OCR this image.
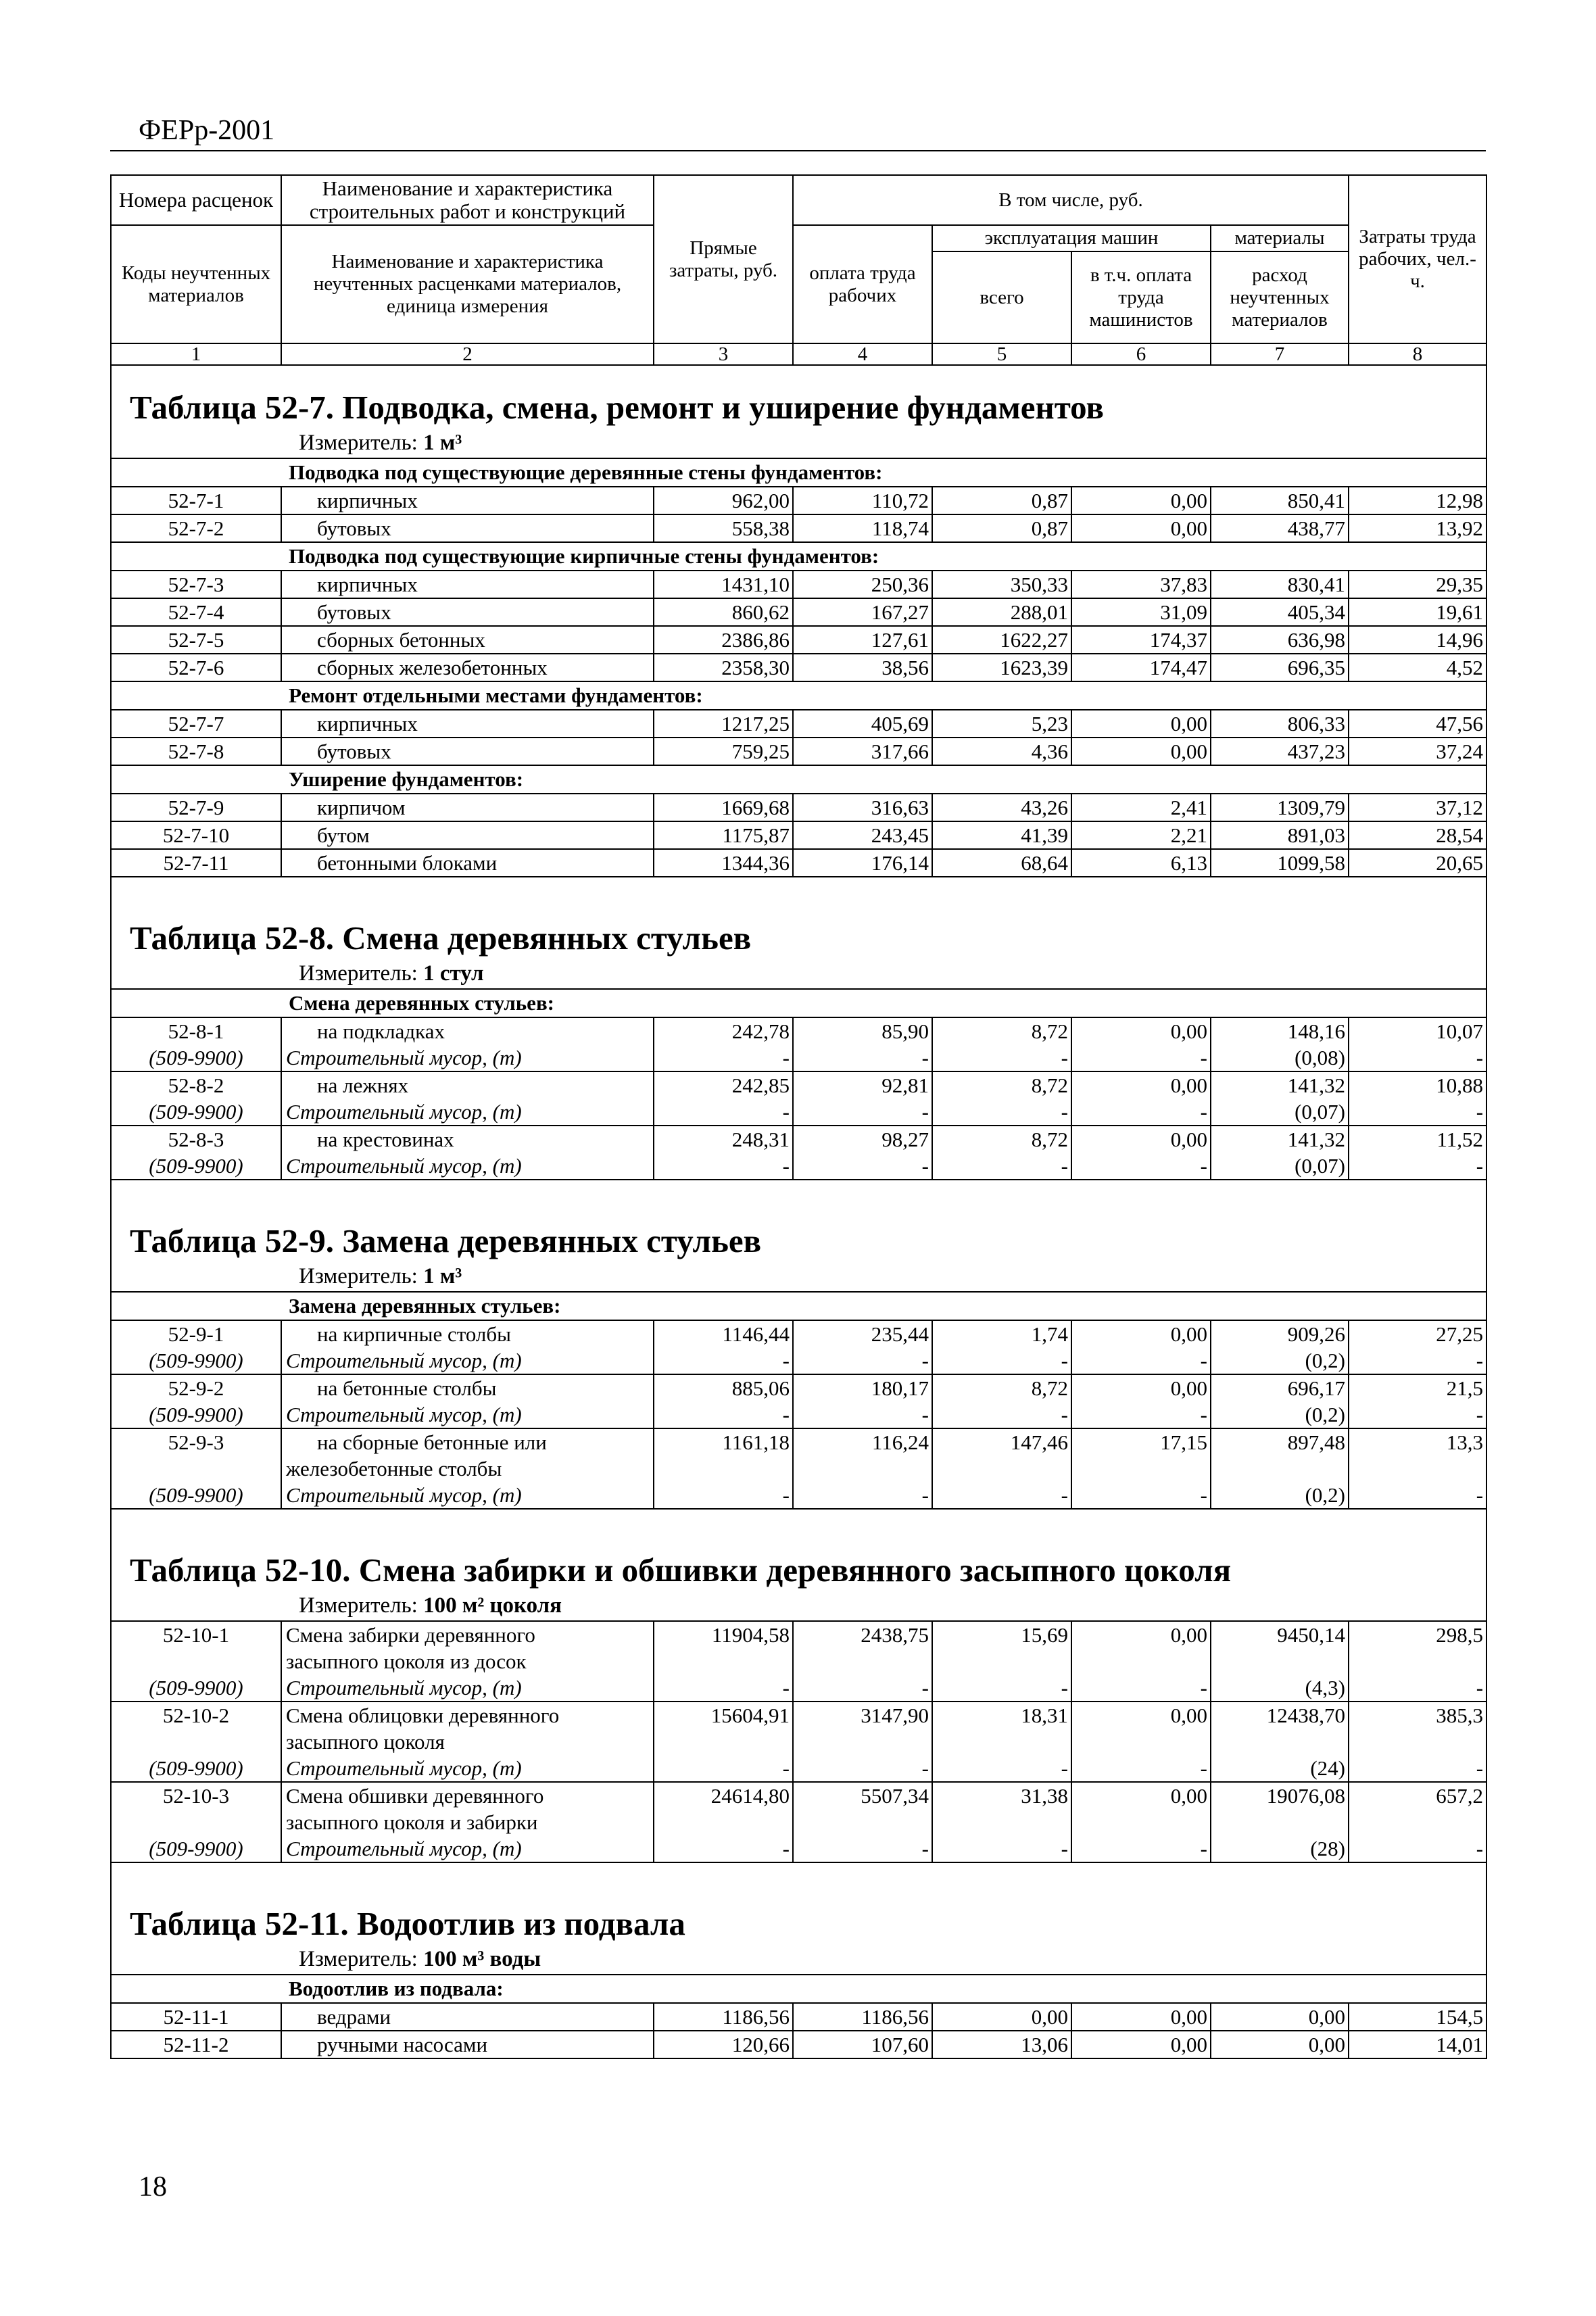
ФЕРр-2001
Номера расценок	Наименование и характеристика строительных работ и конструкций	Прямые затраты, руб.	В том числе, руб.				Затраты труда рабочих, чел.-ч.
Коды неучтенных материалов	Наименование и характеристика неучтенных расценками материалов, единица измерения		оплата труда рабочих	эксплуатация машин		материалы	
				всего	в т.ч. оплата труда машинистов	расход неучтенных материалов	
1	2	3	4	5	6	7	8
Таблица 52-7. Подводка, смена, ремонт и уширение фундаментов							
Измеритель: 1 м³							
Подводка под существующие деревянные стены фундаментов:							
52-7-1	кирпичных	962,00	110,72	0,87	0,00	850,41	12,98
52-7-2	бутовых	558,38	118,74	0,87	0,00	438,77	13,92
Подводка под существующие кирпичные стены фундаментов:							
52-7-3	кирпичных	1431,10	250,36	350,33	37,83	830,41	29,35
52-7-4	бутовых	860,62	167,27	288,01	31,09	405,34	19,61
52-7-5	сборных бетонных	2386,86	127,61	1622,27	174,37	636,98	14,96
52-7-6	сборных железобетонных	2358,30	38,56	1623,39	174,47	696,35	4,52
Ремонт отдельными местами фундаментов:							
52-7-7	кирпичных	1217,25	405,69	5,23	0,00	806,33	47,56
52-7-8	бутовых	759,25	317,66	4,36	0,00	437,23	37,24
Уширение фундаментов:							
52-7-9	кирпичом	1669,68	316,63	43,26	2,41	1309,79	37,12
52-7-10	бутом	1175,87	243,45	41,39	2,21	891,03	28,54
52-7-11	бетонными блоками	1344,36	176,14	68,64	6,13	1099,58	20,65

Таблица 52-8. Смена деревянных стульев							
Измеритель: 1 стул							
Смена деревянных стульев:							
52-8-1	на подкладках	242,78	85,90	8,72	0,00	148,16	10,07
(509-9900)	Строительный мусор, (т)	-	-	-	-	(0,08)	-
52-8-2	на лежнях	242,85	92,81	8,72	0,00	141,32	10,88
(509-9900)	Строительный мусор, (т)	-	-	-	-	(0,07)	-
52-8-3	на крестовинах	248,31	98,27	8,72	0,00	141,32	11,52
(509-9900)	Строительный мусор, (т)	-	-	-	-	(0,07)	-

Таблица 52-9. Замена деревянных стульев							
Измеритель: 1 м³							
Замена деревянных стульев:							
52-9-1	на кирпичные столбы	1146,44	235,44	1,74	0,00	909,26	27,25
(509-9900)	Строительный мусор, (т)	-	-	-	-	(0,2)	-
52-9-2	на бетонные столбы	885,06	180,17	8,72	0,00	696,17	21,5
(509-9900)	Строительный мусор, (т)	-	-	-	-	(0,2)	-
52-9-3	на сборные бетонные или	1161,18	116,24	147,46	17,15	897,48	13,3
	железобетонные столбы						
(509-9900)	Строительный мусор, (т)	-	-	-	-	(0,2)	-

Таблица 52-10. Смена забирки и обшивки деревянного засыпного цоколя							
Измеритель: 100 м² цоколя							
52-10-1	Смена забирки деревянного	11904,58	2438,75	15,69	0,00	9450,14	298,5
	засыпного цоколя из досок						
(509-9900)	Строительный мусор, (т)	-	-	-	-	(4,3)	-
52-10-2	Смена облицовки деревянного	15604,91	3147,90	18,31	0,00	12438,70	385,3
	засыпного цоколя						
(509-9900)	Строительный мусор, (т)	-	-	-	-	(24)	-
52-10-3	Смена обшивки деревянного	24614,80	5507,34	31,38	0,00	19076,08	657,2
	засыпного цоколя и забирки						
(509-9900)	Строительный мусор, (т)	-	-	-	-	(28)	-

Таблица 52-11. Водоотлив из подвала							
Измеритель: 100 м³ воды							
Водоотлив из подвала:							
52-11-1	ведрами	1186,56	1186,56	0,00	0,00	0,00	154,5
52-11-2	ручными насосами	120,66	107,60	13,06	0,00	0,00	14,01
18
